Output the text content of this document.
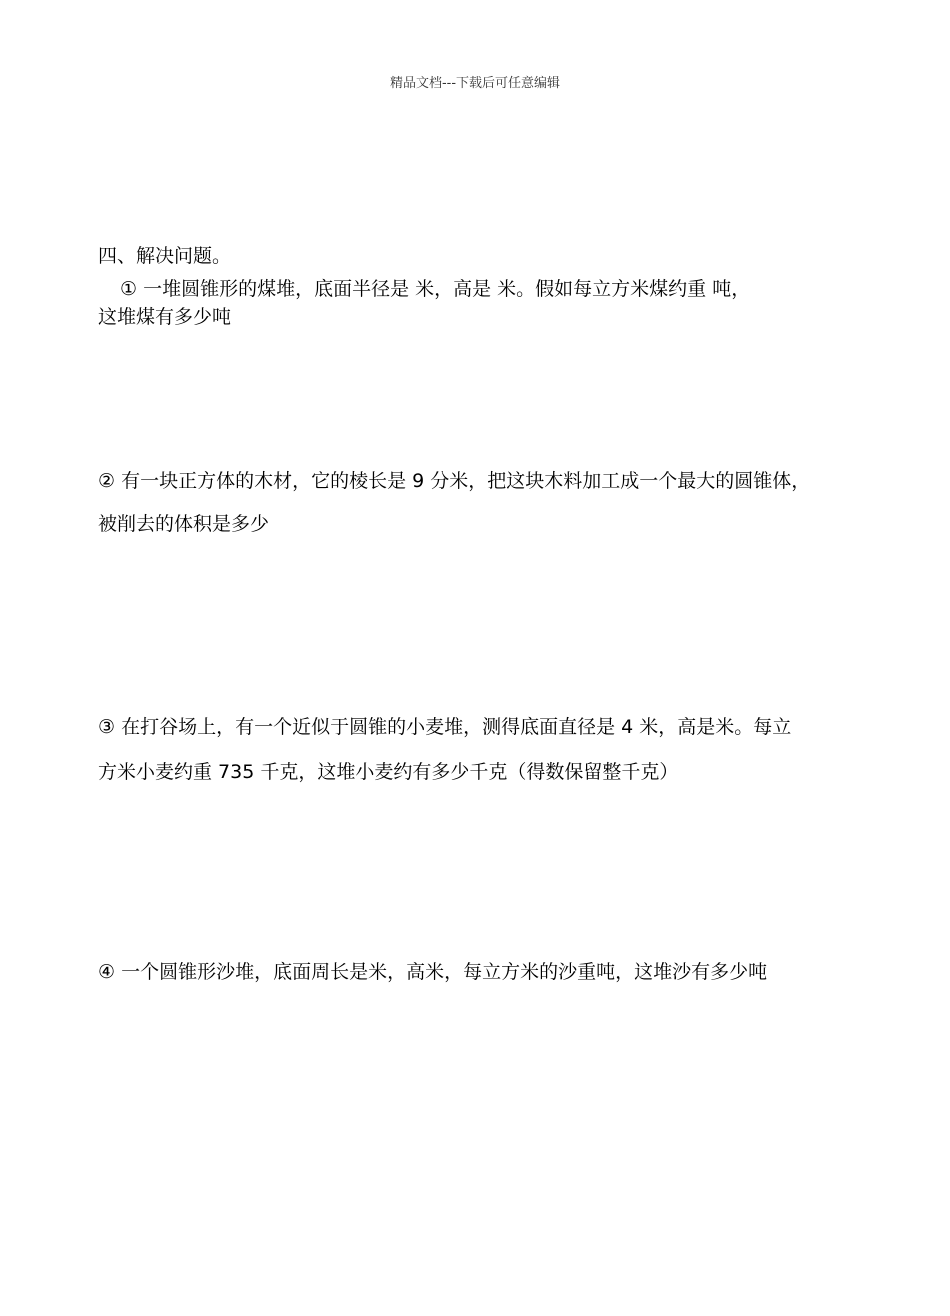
精品文档---下载后可任意编辑
四、解决问题。
① 一堆圆锥形的煤堆，底面半径是 米，高是 米。假如每立方米煤约重 吨，
这堆煤有多少吨
② 有一块正方体的木材，它的棱长是 9 分米，把这块木料加工成一个最大的圆锥体，
被削去的体积是多少
③ 在打谷场上，有一个近似于圆锥的小麦堆，测得底面直径是 4 米，高是米。每立
方米小麦约重 735 千克，这堆小麦约有多少千克（得数保留整千克）
④ 一个圆锥形沙堆，底面周长是米，高米，每立方米的沙重吨，这堆沙有多少吨
